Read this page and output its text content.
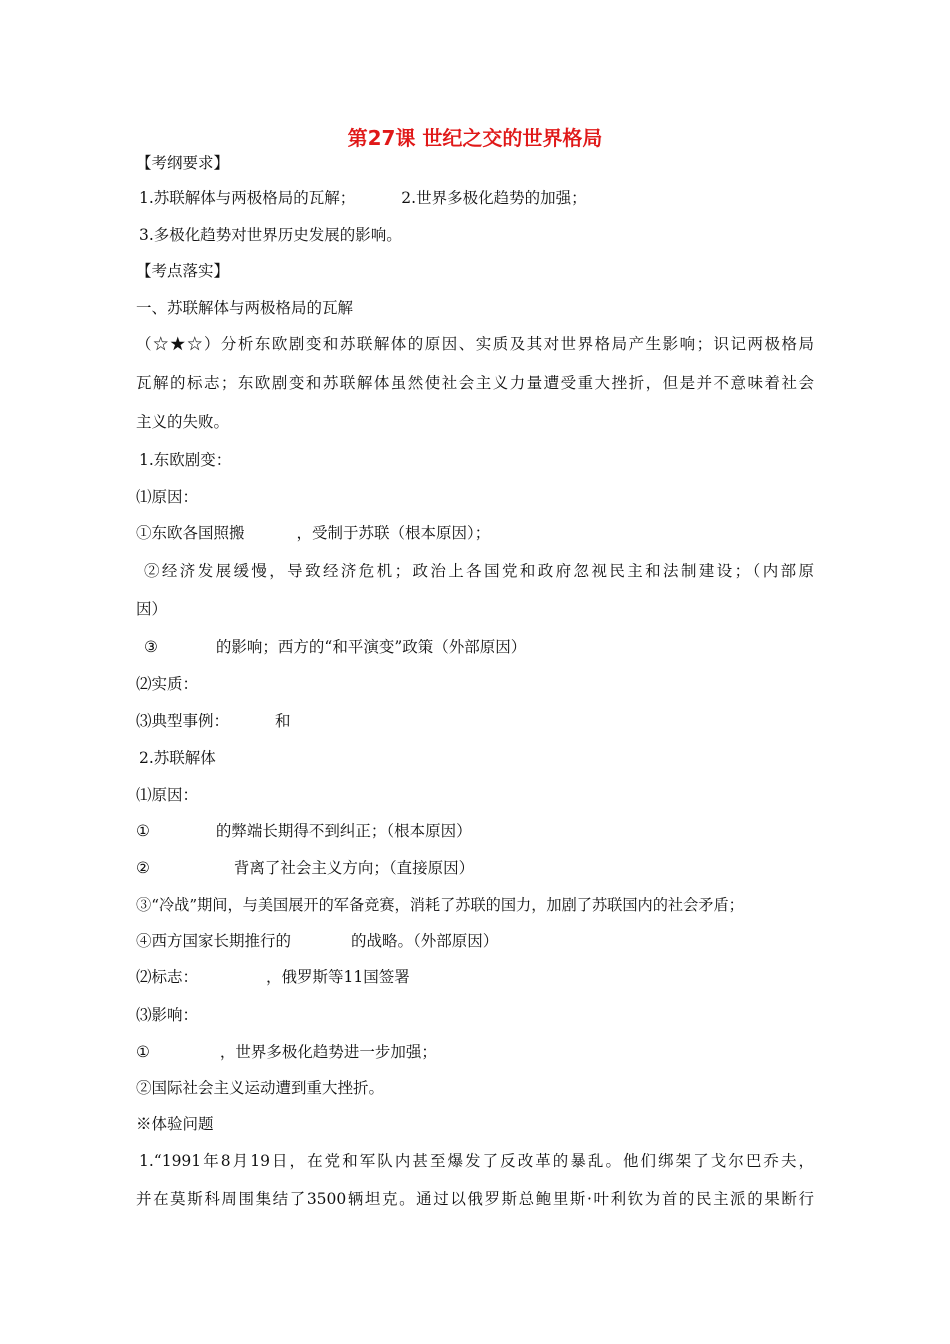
第27课 世纪之交的世界格局
【考纲要求】
1.苏联解体与两极格局的瓦解；	2.世界多极化趋势的加强；
3.多极化趋势对世界历史发展的影响。
【考点落实】
一、苏联解体与两极格局的瓦解
（☆★☆）分析东欧剧变和苏联解体的原因、实质及其对世界格局产生影响；识记两极格局
瓦解的标志；东欧剧变和苏联解体虽然使社会主义力量遭受重大挫折，但是并不意味着社会
主义的失败。
1.东欧剧变：
⑴原因：
①东欧各国照搬	，受制于苏联（根本原因）；
②经济发展缓慢，导致经济危机；政治上各国党和政府忽视民主和法制建设；（内部原
因）
③	的影响；西方的“和平演变”政策（外部原因）
⑵实质：
⑶典型事例：	和
2.苏联解体
⑴原因：
①	的弊端长期得不到纠正；（根本原因）
②	背离了社会主义方向；（直接原因）
③“冷战”期间，与美国展开的军备竞赛，消耗了苏联的国力，加剧了苏联国内的社会矛盾；
④西方国家长期推行的	的战略。（外部原因）
⑵标志：	，俄罗斯等11国签署
⑶影响：
①	，世界多极化趋势进一步加强；
②国际社会主义运动遭到重大挫折。
※体验问题
1.“1991年8月19日，在党和军队内甚至爆发了反改革的暴乱。他们绑架了戈尔巴乔夫，
并在莫斯科周围集结了3500辆坦克。通过以俄罗斯总鲍里斯·叶利钦为首的民主派的果断行
